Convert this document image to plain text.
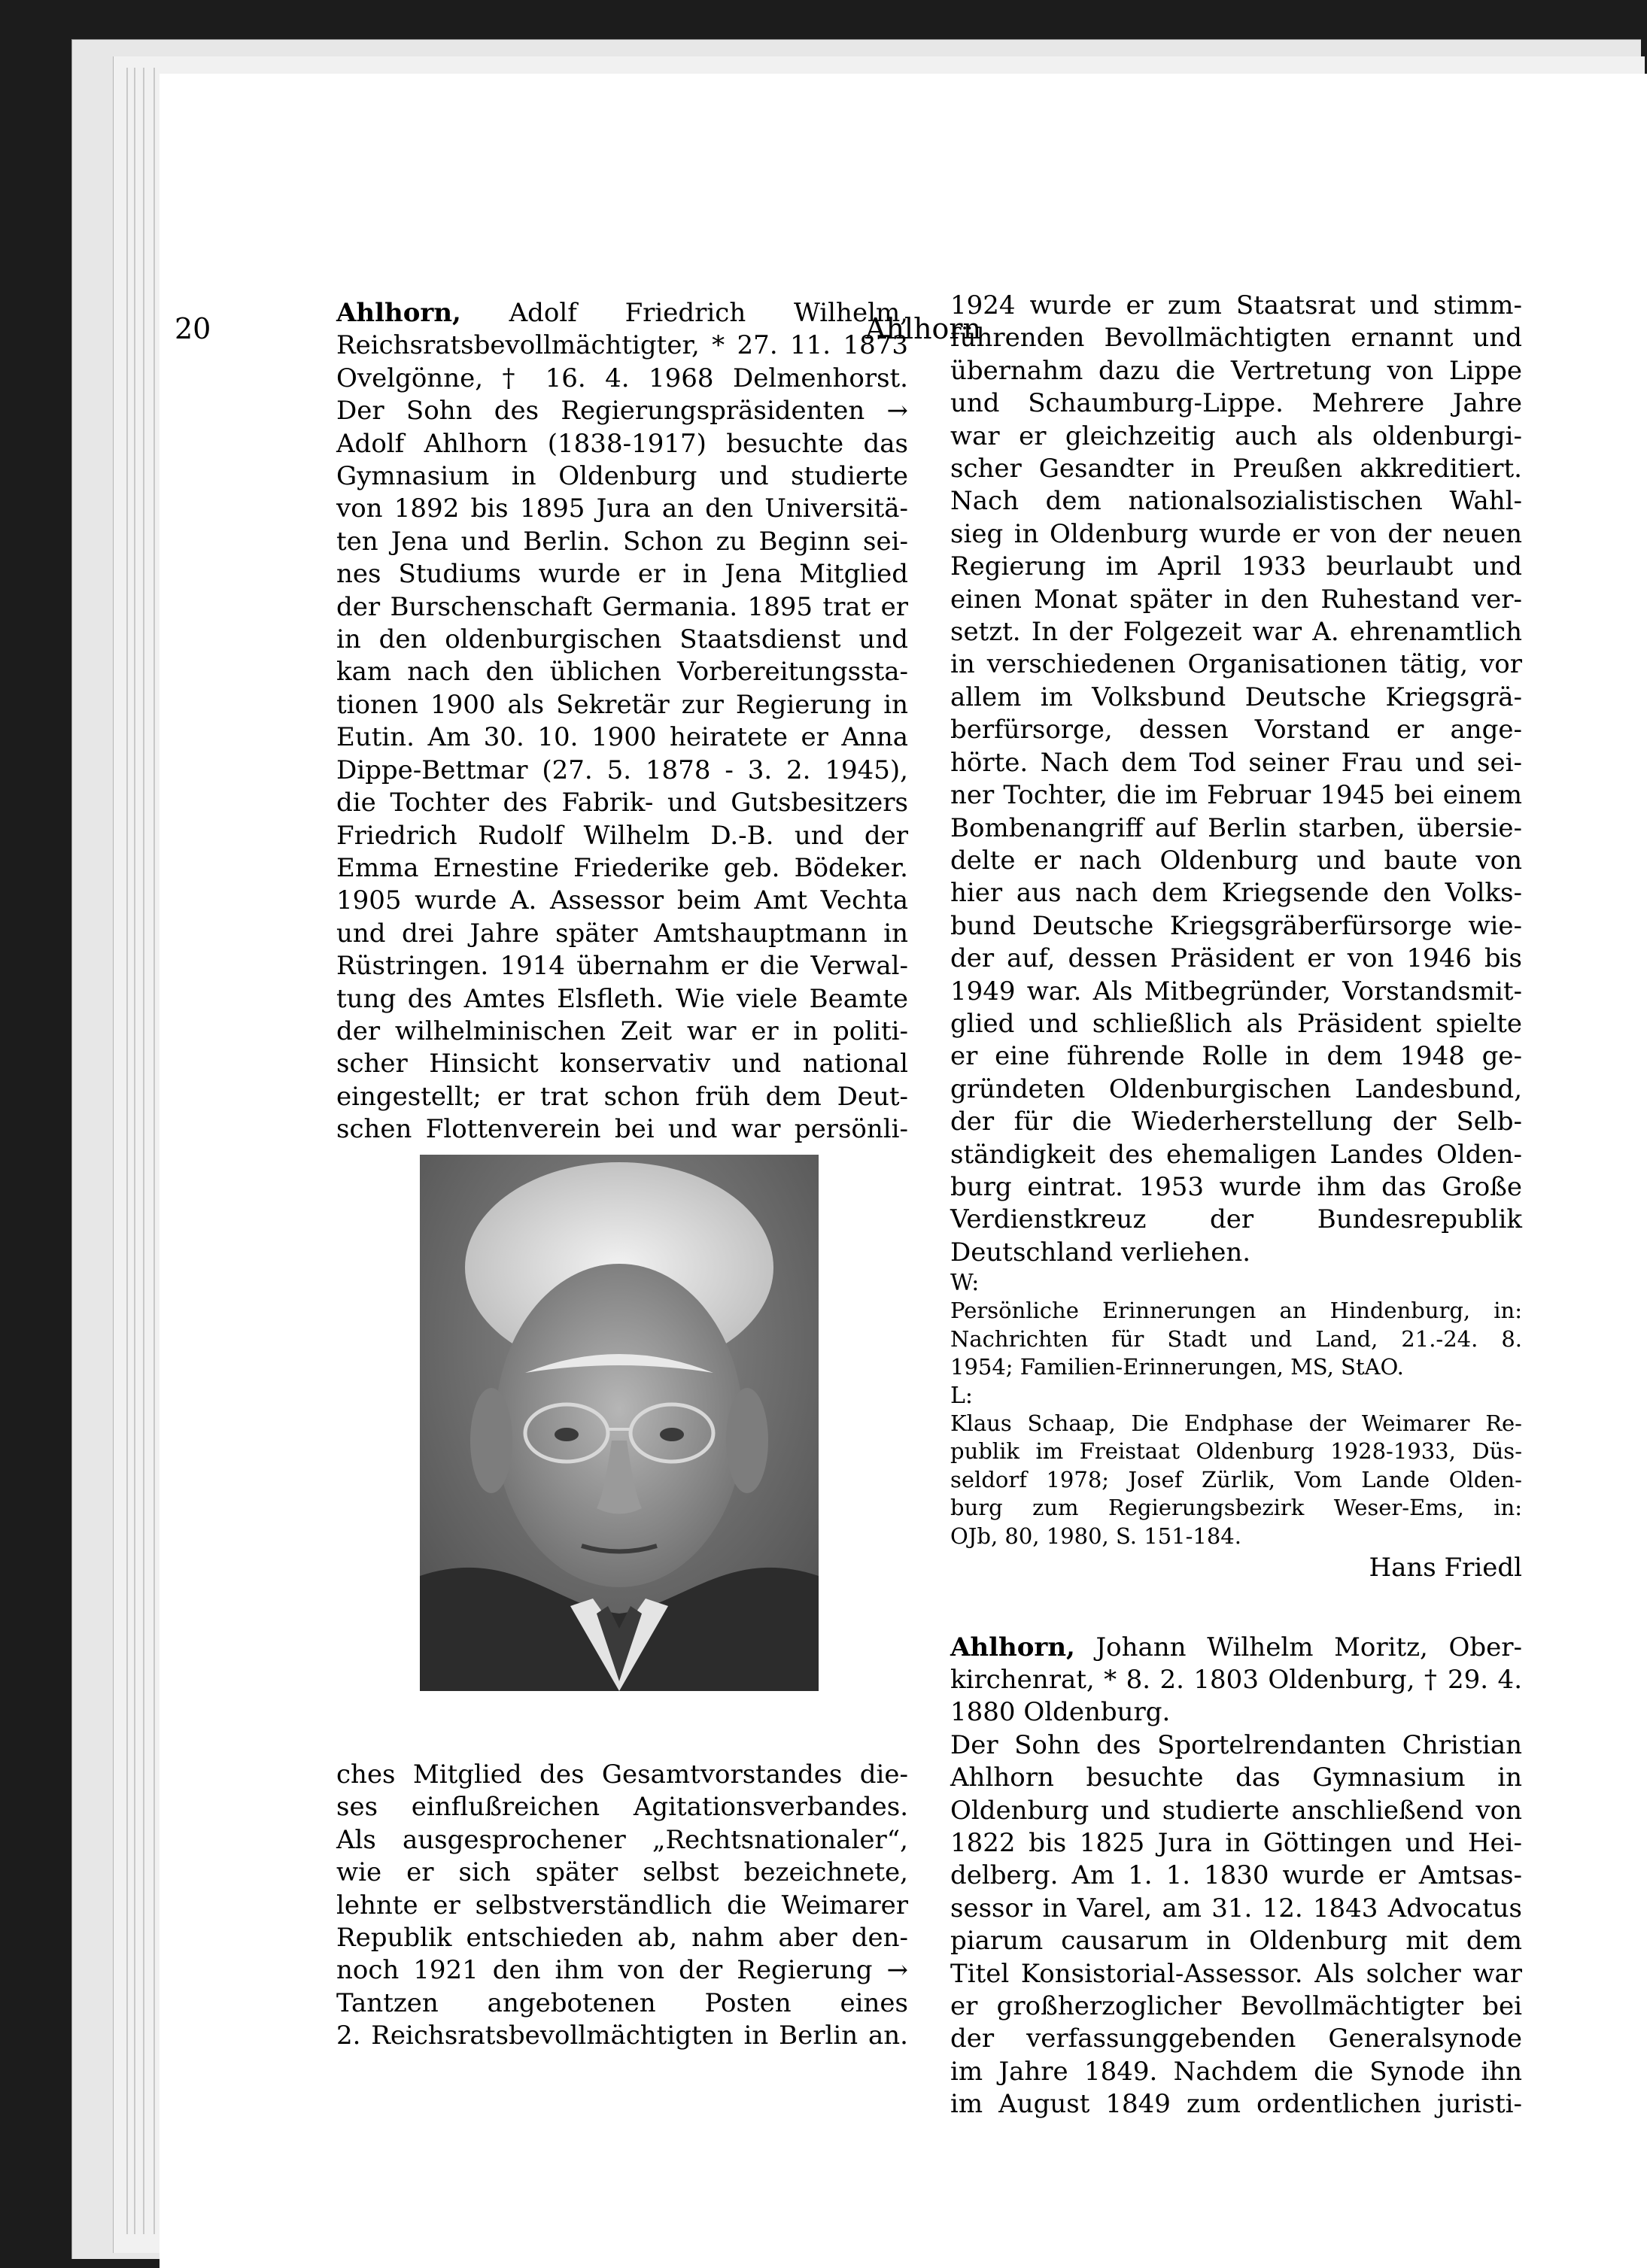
20	Ahlhorn
Ahlhorn, Adolf Friedrich Wilhelm,
Reichsratsbevollmächtigter, * 27. 11. 1873
Ovelgönne, † 16. 4. 1968 Delmenhorst.
Der Sohn des Regierungspräsidenten →
Adolf Ahlhorn (1838-1917) besuchte das
Gymnasium in Oldenburg und studierte
von 1892 bis 1895 Jura an den Universitä-
ten Jena und Berlin. Schon zu Beginn sei-
nes Studiums wurde er in Jena Mitglied
der Burschenschaft Germania. 1895 trat er
in den oldenburgischen Staatsdienst und
kam nach den üblichen Vorbereitungssta-
tionen 1900 als Sekretär zur Regierung in
Eutin. Am 30. 10. 1900 heiratete er Anna
Dippe-Bettmar (27. 5. 1878 - 3. 2. 1945),
die Tochter des Fabrik- und Gutsbesitzers
Friedrich Rudolf Wilhelm D.-B. und der
Emma Ernestine Friederike geb. Bödeker.
1905 wurde A. Assessor beim Amt Vechta
und drei Jahre später Amtshauptmann in
Rüstringen. 1914 übernahm er die Verwal-
tung des Amtes Elsfleth. Wie viele Beamte
der wilhelminischen Zeit war er in politi-
scher Hinsicht konservativ und national
eingestellt; er trat schon früh dem Deut-
schen Flottenverein bei und war persönli-
ches Mitglied des Gesamtvorstandes die-
ses einflußreichen Agitationsverbandes.
Als ausgesprochener „Rechtsnationaler“,
wie er sich später selbst bezeichnete,
lehnte er selbstverständlich die Weimarer
Republik entschieden ab, nahm aber den-
noch 1921 den ihm von der Regierung →
Tantzen angebotenen Posten eines
2. Reichsratsbevollmächtigten in Berlin an.
1924 wurde er zum Staatsrat und stimm-
führenden Bevollmächtigten ernannt und
übernahm dazu die Vertretung von Lippe
und Schaumburg-Lippe. Mehrere Jahre
war er gleichzeitig auch als oldenburgi-
scher Gesandter in Preußen akkreditiert.
Nach dem nationalsozialistischen Wahl-
sieg in Oldenburg wurde er von der neuen
Regierung im April 1933 beurlaubt und
einen Monat später in den Ruhestand ver-
setzt. In der Folgezeit war A. ehrenamtlich
in verschiedenen Organisationen tätig, vor
allem im Volksbund Deutsche Kriegsgrä-
berfürsorge, dessen Vorstand er ange-
hörte. Nach dem Tod seiner Frau und sei-
ner Tochter, die im Februar 1945 bei einem
Bombenangriff auf Berlin starben, übersie-
delte er nach Oldenburg und baute von
hier aus nach dem Kriegsende den Volks-
bund Deutsche Kriegsgräberfürsorge wie-
der auf, dessen Präsident er von 1946 bis
1949 war. Als Mitbegründer, Vorstandsmit-
glied und schließlich als Präsident spielte
er eine führende Rolle in dem 1948 ge-
gründeten Oldenburgischen Landesbund,
der für die Wiederherstellung der Selb-
ständigkeit des ehemaligen Landes Olden-
burg eintrat. 1953 wurde ihm das Große
Verdienstkreuz der Bundesrepublik
Deutschland verliehen.
W:
Persönliche Erinnerungen an Hindenburg, in:
Nachrichten für Stadt und Land, 21.-24. 8.
1954; Familien-Erinnerungen, MS, StAO.
L:
Klaus Schaap, Die Endphase der Weimarer Re-
publik im Freistaat Oldenburg 1928-1933, Düs-
seldorf 1978; Josef Zürlik, Vom Lande Olden-
burg zum Regierungsbezirk Weser-Ems, in:
OJb, 80, 1980, S. 151-184.
Hans Friedl
Ahlhorn, Johann Wilhelm Moritz, Ober-
kirchenrat, * 8. 2. 1803 Oldenburg, † 29. 4.
1880 Oldenburg.
Der Sohn des Sportelrendanten Christian
Ahlhorn besuchte das Gymnasium in
Oldenburg und studierte anschließend von
1822 bis 1825 Jura in Göttingen und Hei-
delberg. Am 1. 1. 1830 wurde er Amtsas-
sessor in Varel, am 31. 12. 1843 Advocatus
piarum causarum in Oldenburg mit dem
Titel Konsistorial-Assessor. Als solcher war
er großherzoglicher Bevollmächtigter bei
der verfassunggebenden Generalsynode
im Jahre 1849. Nachdem die Synode ihn
im August 1849 zum ordentlichen juristi-
